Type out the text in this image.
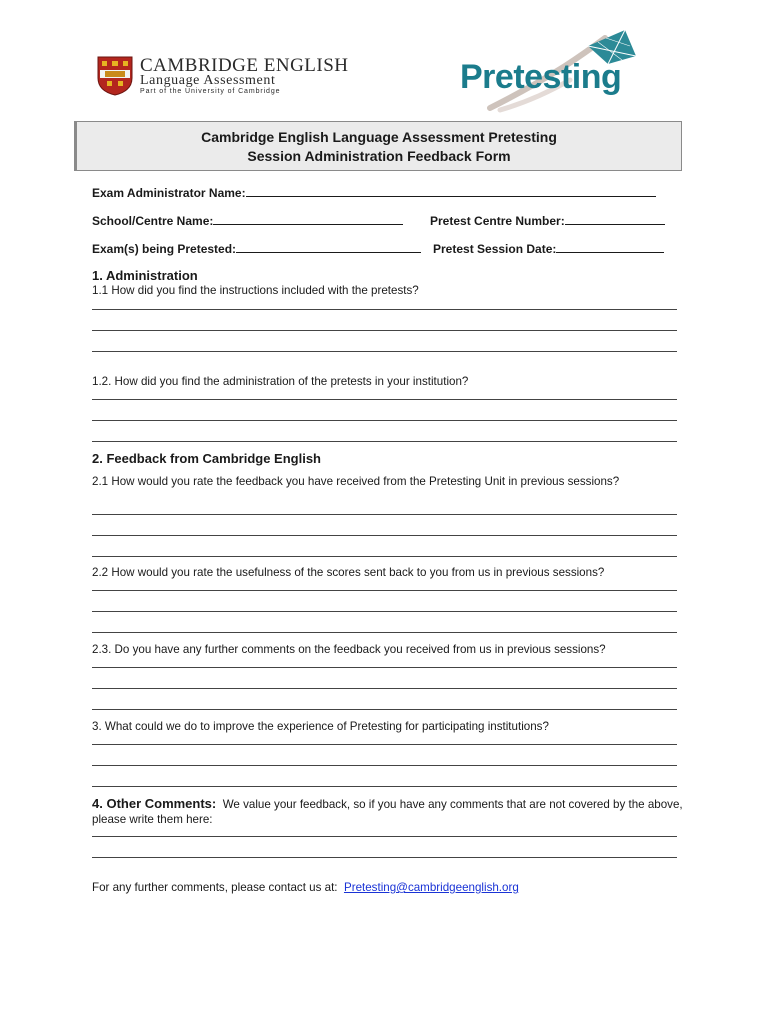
CAMBRIDGE ENGLISH
Language Assessment
Part of the University of Cambridge	Pretesting
Cambridge English Language Assessment Pretesting
Session Administration Feedback Form
Exam Administrator Name:
School/Centre Name:	Pretest Centre Number:
Exam(s) being Pretested:	Pretest Session Date:
1. Administration
1.1 How did you find the instructions included with the pretests?
1.2. How did you find the administration of the pretests in your institution?
2. Feedback from Cambridge English
2.1 How would you rate the feedback you have received from the Pretesting Unit in previous sessions?
2.2 How would you rate the usefulness of the scores sent back to you from us in previous sessions?
2.3. Do you have any further comments on the feedback you received from us in previous sessions?
3. What could we do to improve the experience of Pretesting for participating institutions?
4. Other Comments: We value your feedback, so if you have any comments that are not covered by the above, please write them here:
For any further comments, please contact us at: Pretesting@cambridgeenglish.org
